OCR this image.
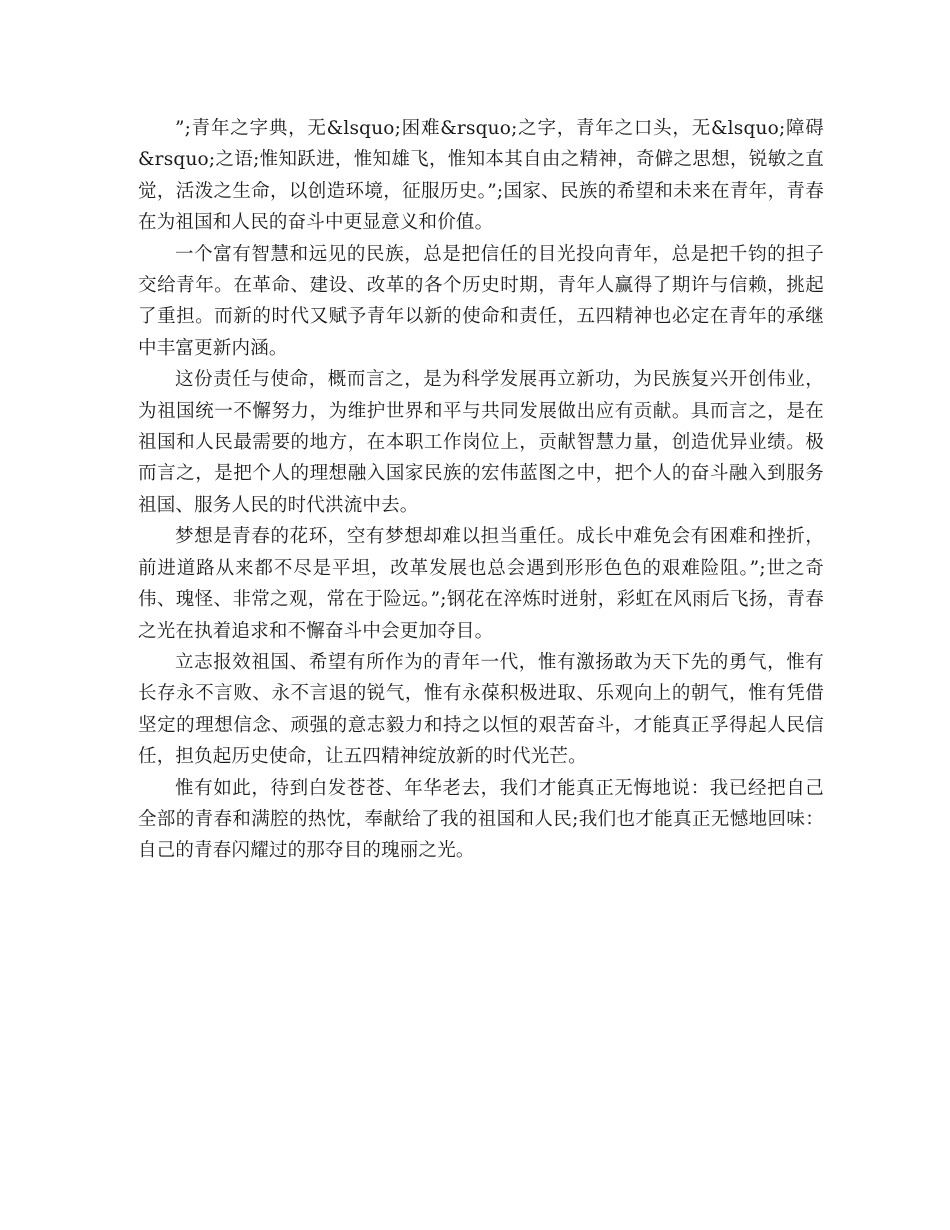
”;青年之字典，无&lsquo;困难&rsquo;之字，青年之口头，无&lsquo;障碍&rsquo;之语;惟知跃进，惟知雄飞，惟知本其自由之精神，奇僻之思想，锐敏之直觉，活泼之生命，以创造环境，征服历史。”;国家、民族的希望和未来在青年，青春在为祖国和人民的奋斗中更显意义和价值。

一个富有智慧和远见的民族，总是把信任的目光投向青年，总是把千钧的担子交给青年。在革命、建设、改革的各个历史时期，青年人赢得了期许与信赖，挑起了重担。而新的时代又赋予青年以新的使命和责任，五四精神也必定在青年的承继中丰富更新内涵。

这份责任与使命，概而言之，是为科学发展再立新功，为民族复兴开创伟业，为祖国统一不懈努力，为维护世界和平与共同发展做出应有贡献。具而言之，是在祖国和人民最需要的地方，在本职工作岗位上，贡献智慧力量，创造优异业绩。极而言之，是把个人的理想融入国家民族的宏伟蓝图之中，把个人的奋斗融入到服务祖国、服务人民的时代洪流中去。

梦想是青春的花环，空有梦想却难以担当重任。成长中难免会有困难和挫折，前进道路从来都不尽是平坦，改革发展也总会遇到形形色色的艰难险阻。”;世之奇伟、瑰怪、非常之观，常在于险远。”;钢花在淬炼时迸射，彩虹在风雨后飞扬，青春之光在执着追求和不懈奋斗中会更加夺目。

立志报效祖国、希望有所作为的青年一代，惟有激扬敢为天下先的勇气，惟有长存永不言败、永不言退的锐气，惟有永葆积极进取、乐观向上的朝气，惟有凭借坚定的理想信念、顽强的意志毅力和持之以恒的艰苦奋斗，才能真正孚得起人民信任，担负起历史使命，让五四精神绽放新的时代光芒。

惟有如此，待到白发苍苍、年华老去，我们才能真正无悔地说：我已经把自己全部的青春和满腔的热忱，奉献给了我的祖国和人民;我们也才能真正无憾地回味：自己的青春闪耀过的那夺目的瑰丽之光。
